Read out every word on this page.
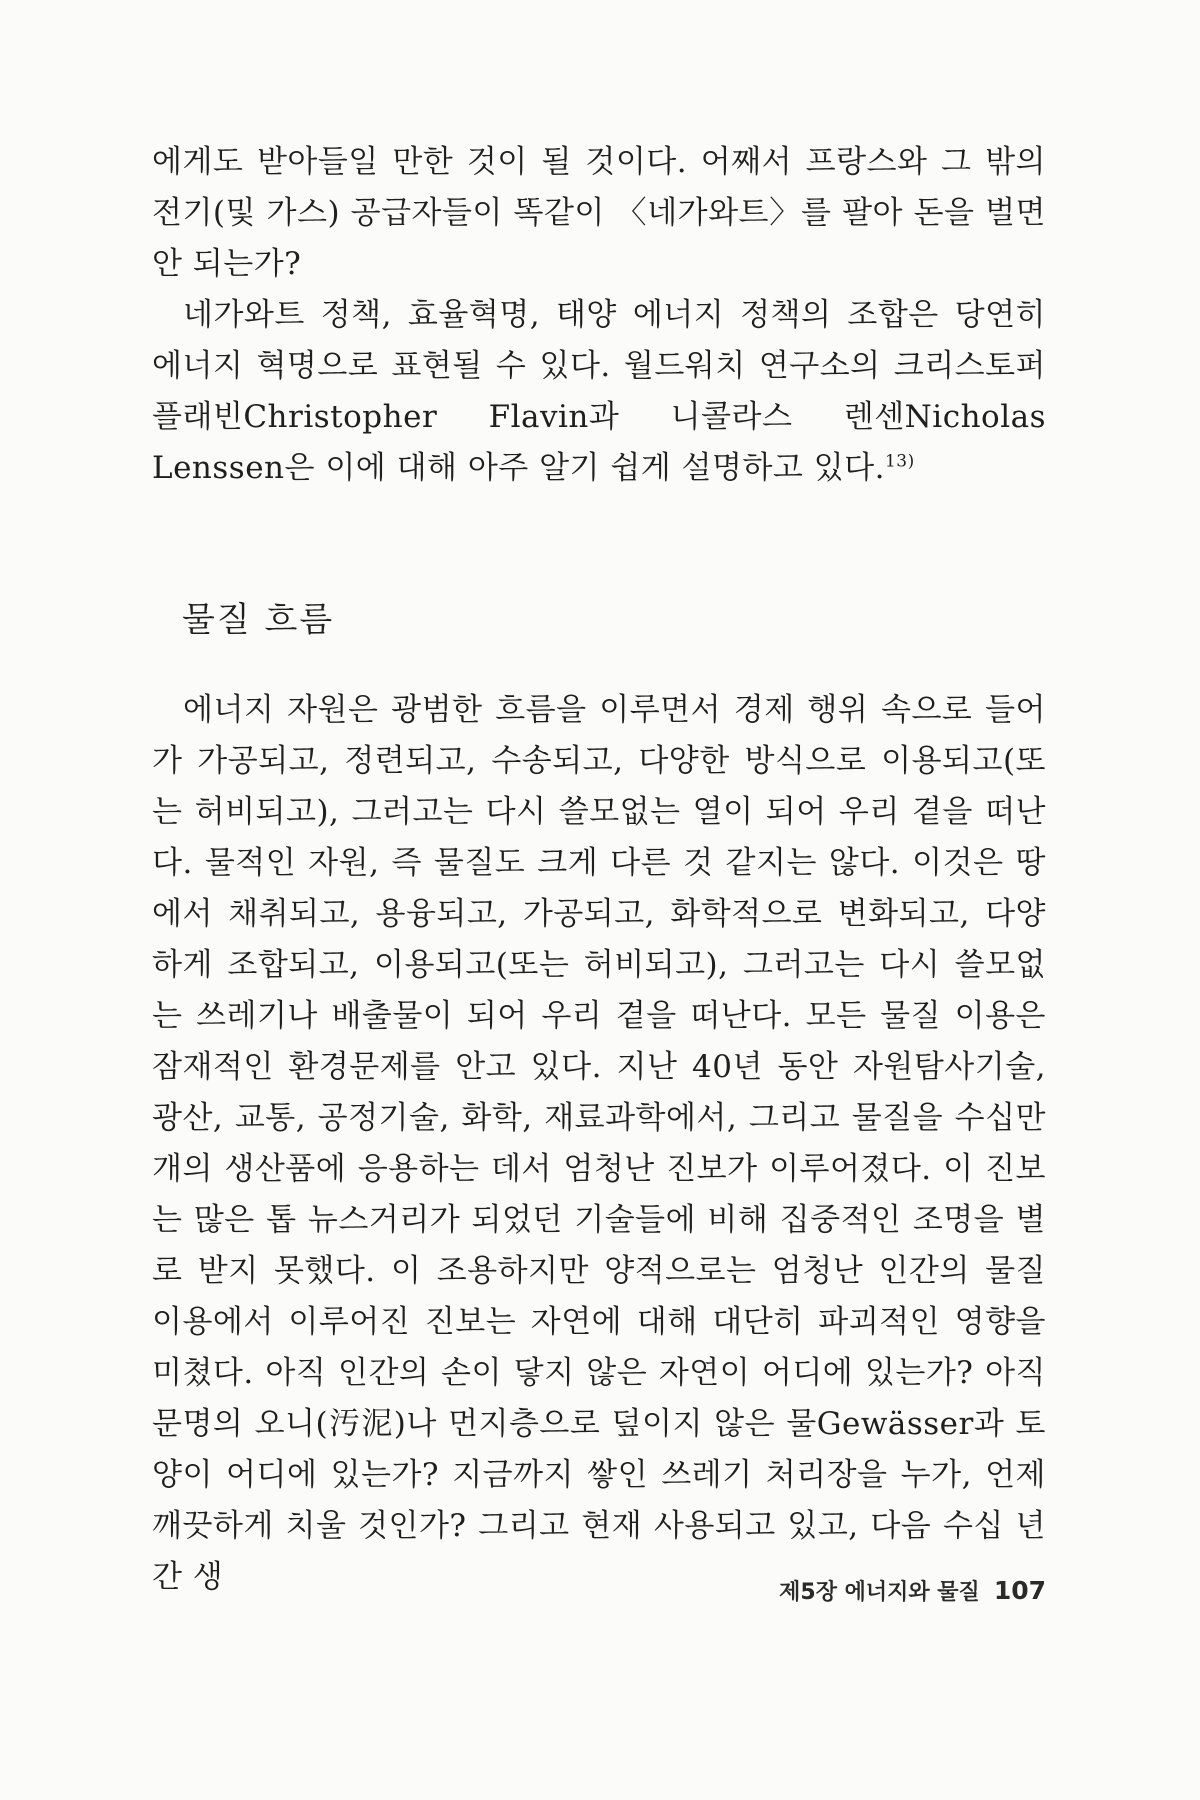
에게도 받아들일 만한 것이 될 것이다. 어째서 프랑스와 그 밖의 전기(및 가스) 공급자들이 똑같이 〈네가와트〉를 팔아 돈을 벌면 안 되는가?

네가와트 정책, 효율혁명, 태양 에너지 정책의 조합은 당연히 에너지 혁명으로 표현될 수 있다. 월드워치 연구소의 크리스토퍼 플래빈Christopher Flavin과 니콜라스 렌센Nicholas Lenssen은 이에 대해 아주 알기 쉽게 설명하고 있다.$^{13)}$

물질 흐름

에너지 자원은 광범한 흐름을 이루면서 경제 행위 속으로 들어가 가공되고, 정련되고, 수송되고, 다양한 방식으로 이용되고(또는 허비되고), 그러고는 다시 쓸모없는 열이 되어 우리 곁을 떠난다. 물적인 자원, 즉 물질도 크게 다른 것 같지는 않다. 이것은 땅에서 채취되고, 용융되고, 가공되고, 화학적으로 변화되고, 다양하게 조합되고, 이용되고(또는 허비되고), 그러고는 다시 쓸모없는 쓰레기나 배출물이 되어 우리 곁을 떠난다. 모든 물질 이용은 잠재적인 환경문제를 안고 있다. 지난 40년 동안 자원탐사기술, 광산, 교통, 공정기술, 화학, 재료과학에서, 그리고 물질을 수십만 개의 생산품에 응용하는 데서 엄청난 진보가 이루어졌다. 이 진보는 많은 톱 뉴스거리가 되었던 기술들에 비해 집중적인 조명을 별로 받지 못했다. 이 조용하지만 양적으로는 엄청난 인간의 물질 이용에서 이루어진 진보는 자연에 대해 대단히 파괴적인 영향을 미쳤다. 아직 인간의 손이 닿지 않은 자연이 어디에 있는가? 아직 문명의 오니(汚泥)나 먼지층으로 덮이지 않은 물Gewässer과 토양이 어디에 있는가? 지금까지 쌓인 쓰레기 처리장을 누가, 언제 깨끗하게 치울 것인가? 그리고 현재 사용되고 있고, 다음 수십 년 간 생	제5장 에너지와 물질 107
